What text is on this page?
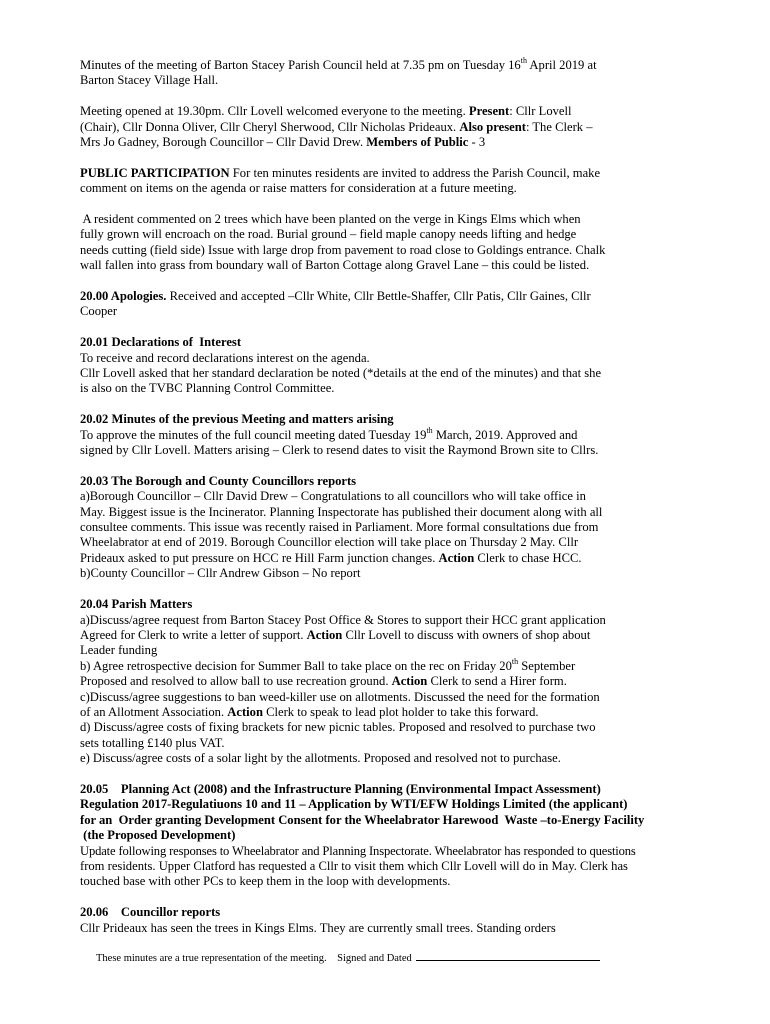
Minutes of the meeting of Barton Stacey Parish Council held at 7.35 pm on Tuesday 16th April 2019 at
Barton Stacey Village Hall.

Meeting opened at 19.30pm. Cllr Lovell welcomed everyone to the meeting. Present: Cllr Lovell
(Chair), Cllr Donna Oliver, Cllr Cheryl Sherwood, Cllr Nicholas Prideaux. Also present: The Clerk –
Mrs Jo Gadney, Borough Councillor – Cllr David Drew. Members of Public - 3

PUBLIC PARTICIPATION For ten minutes residents are invited to address the Parish Council, make
comment on items on the agenda or raise matters for consideration at a future meeting.

A resident commented on 2 trees which have been planted on the verge in Kings Elms which when
fully grown will encroach on the road. Burial ground – field maple canopy needs lifting and hedge
needs cutting (field side) Issue with large drop from pavement to road close to Goldings entrance. Chalk
wall fallen into grass from boundary wall of Barton Cottage along Gravel Lane – this could be listed.

20.00 Apologies. Received and accepted –Cllr White, Cllr Bettle-Shaffer, Cllr Patis, Cllr Gaines, Cllr
Cooper

20.01 Declarations of  Interest
To receive and record declarations interest on the agenda.
Cllr Lovell asked that her standard declaration be noted (*details at the end of the minutes) and that she
is also on the TVBC Planning Control Committee.

20.02 Minutes of the previous Meeting and matters arising
To approve the minutes of the full council meeting dated Tuesday 19th March, 2019. Approved and
signed by Cllr Lovell. Matters arising – Clerk to resend dates to visit the Raymond Brown site to Cllrs.

20.03 The Borough and County Councillors reports
a)Borough Councillor – Cllr David Drew – Congratulations to all councillors who will take office in
May. Biggest issue is the Incinerator. Planning Inspectorate has published their document along with all
consultee comments. This issue was recently raised in Parliament. More formal consultations due from
Wheelabrator at end of 2019. Borough Councillor election will take place on Thursday 2 May. Cllr
Prideaux asked to put pressure on HCC re Hill Farm junction changes. Action Clerk to chase HCC.
b)County Councillor – Cllr Andrew Gibson – No report

20.04 Parish Matters
a)Discuss/agree request from Barton Stacey Post Office & Stores to support their HCC grant application
Agreed for Clerk to write a letter of support. Action Cllr Lovell to discuss with owners of shop about
Leader funding
b) Agree retrospective decision for Summer Ball to take place on the rec on Friday 20th September
Proposed and resolved to allow ball to use recreation ground. Action Clerk to send a Hirer form.
c)Discuss/agree suggestions to ban weed-killer use on allotments. Discussed the need for the formation
of an Allotment Association. Action Clerk to speak to lead plot holder to take this forward.
d) Discuss/agree costs of fixing brackets for new picnic tables. Proposed and resolved to purchase two
sets totalling £140 plus VAT.
e) Discuss/agree costs of a solar light by the allotments. Proposed and resolved not to purchase.

20.05    Planning Act (2008) and the Infrastructure Planning (Environmental Impact Assessment)
Regulation 2017-Regulatiuons 10 and 11 – Application by WTI/EFW Holdings Limited (the applicant)
for an  Order granting Development Consent for the Wheelabrator Harewood  Waste –to-Energy Facility
(the Proposed Development)
Update following responses to Wheelabrator and Planning Inspectorate. Wheelabrator has responded to questions
from residents. Upper Clatford has requested a Cllr to visit them which Cllr Lovell will do in May. Clerk has
touched base with other PCs to keep them in the loop with developments.

20.06    Councillor reports
Cllr Prideaux has seen the trees in Kings Elms. They are currently small trees. Standing orders

These minutes are a true representation of the meeting.    Signed and Dated
